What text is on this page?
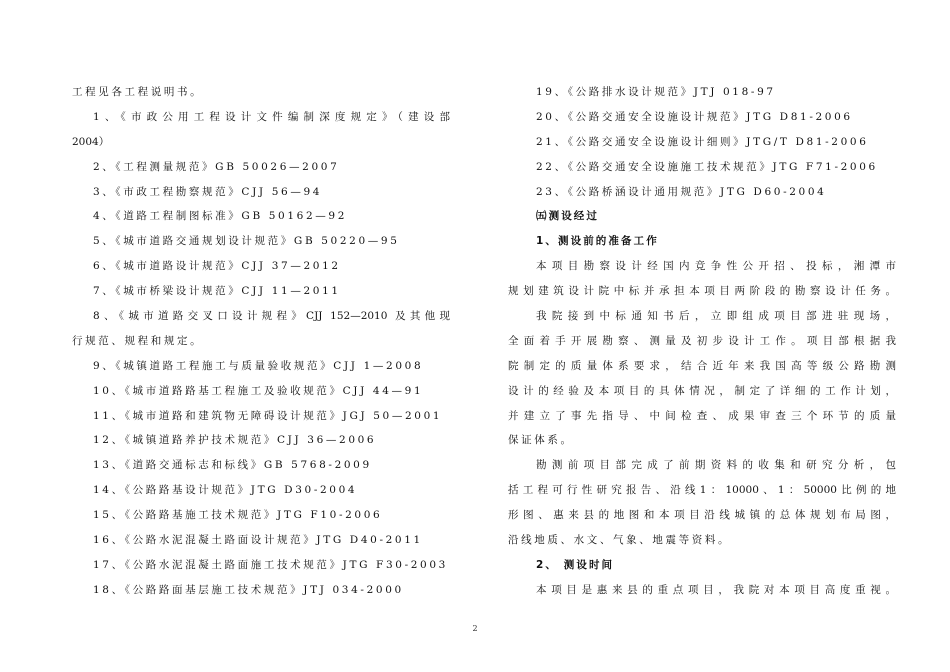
工程见各工程说明书。
1、《市政公用工程设计文件编制深度规定》（建设部
2004）
2、《工程测量规范》GB 50026—2007
3、《市政工程勘察规范》CJJ 56—94
4、《道路工程制图标准》GB 50162—92
5、《城市道路交通规划设计规范》GB 50220—95
6、《城市道路设计规范》CJJ 37—2012
7、《城市桥梁设计规范》CJJ 11—2011
8、《城市道路交叉口设计规程》CJJ 152—2010 及其他现
行规范、规程和规定。
9、《城镇道路工程施工与质量验收规范》CJJ 1—2008
10、《城市道路路基工程施工及验收规范》CJJ 44—91
11、《城市道路和建筑物无障碍设计规范》JGJ 50—2001
12、《城镇道路养护技术规范》CJJ 36—2006
13、《道路交通标志和标线》GB 5768-2009
14、《公路路基设计规范》JTG D30-2004
15、《公路路基施工技术规范》JTG F10-2006
16、《公路水泥混凝土路面设计规范》JTG D40-2011
17、《公路水泥混凝土路面施工技术规范》JTG F30-2003
18、《公路路面基层施工技术规范》JTJ 034-2000
19、《公路排水设计规范》JTJ 018-97
20、《公路交通安全设施设计规范》JTG D81-2006
21、《公路交通安全设施设计细则》JTG/T D81-2006
22、《公路交通安全设施施工技术规范》JTG F71-2006
23、《公路桥涵设计通用规范》JTG D60-2004
㈤测设经过
1、测设前的准备工作
本项目勘察设计经国内竞争性公开招、投标，湘潭市
规划建筑设计院中标并承担本项目两阶段的勘察设计任务。
我院接到中标通知书后，立即组成项目部进驻现场，
全面着手开展勘察、测量及初步设计工作。项目部根据我
院制定的质量体系要求，结合近年来我国高等级公路勘测
设计的经验及本项目的具体情况，制定了详细的工作计划，
并建立了事先指导、中间检查、成果审查三个环节的质量
保证体系。
勘测前项目部完成了前期资料的收集和研究分析，包
括工程可行性研究报告、沿线1：10000、1：50000比例的地
形图、惠来县的地图和本项目沿线城镇的总体规划布局图，
沿线地质、水文、气象、地震等资料。
2、 测设时间
本项目是惠来县的重点项目，我院对本项目高度重视。
2
